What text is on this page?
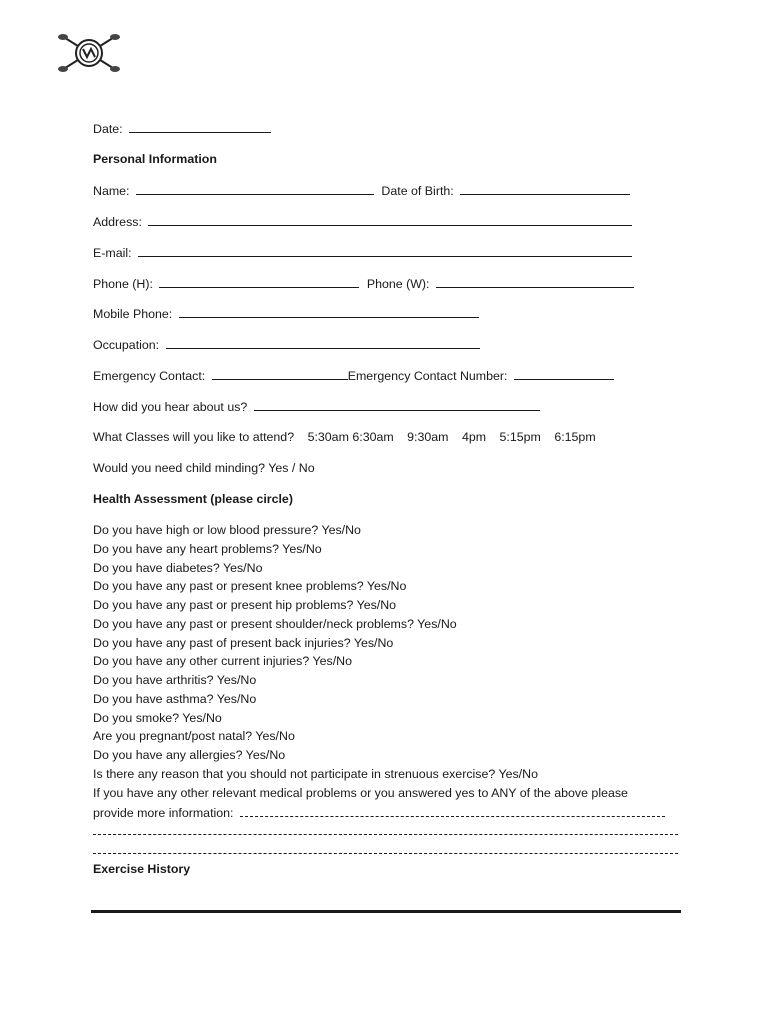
Date:
Personal Information
Name:	Date of Birth:
Address:
E-mail:
Phone (H):	Phone (W):
Mobile Phone:
Occupation:
Emergency Contact:	Emergency Contact Number:
How did you hear about us?
What Classes will you like to attend? 5:30am 6:30am 9:30am 4pm 5:15pm 6:15pm
Would you need child minding? Yes / No
Health Assessment (please circle)
Do you have high or low blood pressure? Yes/No
Do you have any heart problems? Yes/No
Do you have diabetes? Yes/No
Do you have any past or present knee problems? Yes/No
Do you have any past or present hip problems? Yes/No
Do you have any past or present shoulder/neck problems? Yes/No
Do you have any past of present back injuries? Yes/No
Do you have any other current injuries? Yes/No
Do you have arthritis? Yes/No
Do you have asthma? Yes/No
Do you smoke? Yes/No
Are you pregnant/post natal? Yes/No
Do you have any allergies? Yes/No
Is there any reason that you should not participate in strenuous exercise? Yes/No
If you have any other relevant medical problems or you answered yes to ANY of the above please
provide more information:
Exercise History
